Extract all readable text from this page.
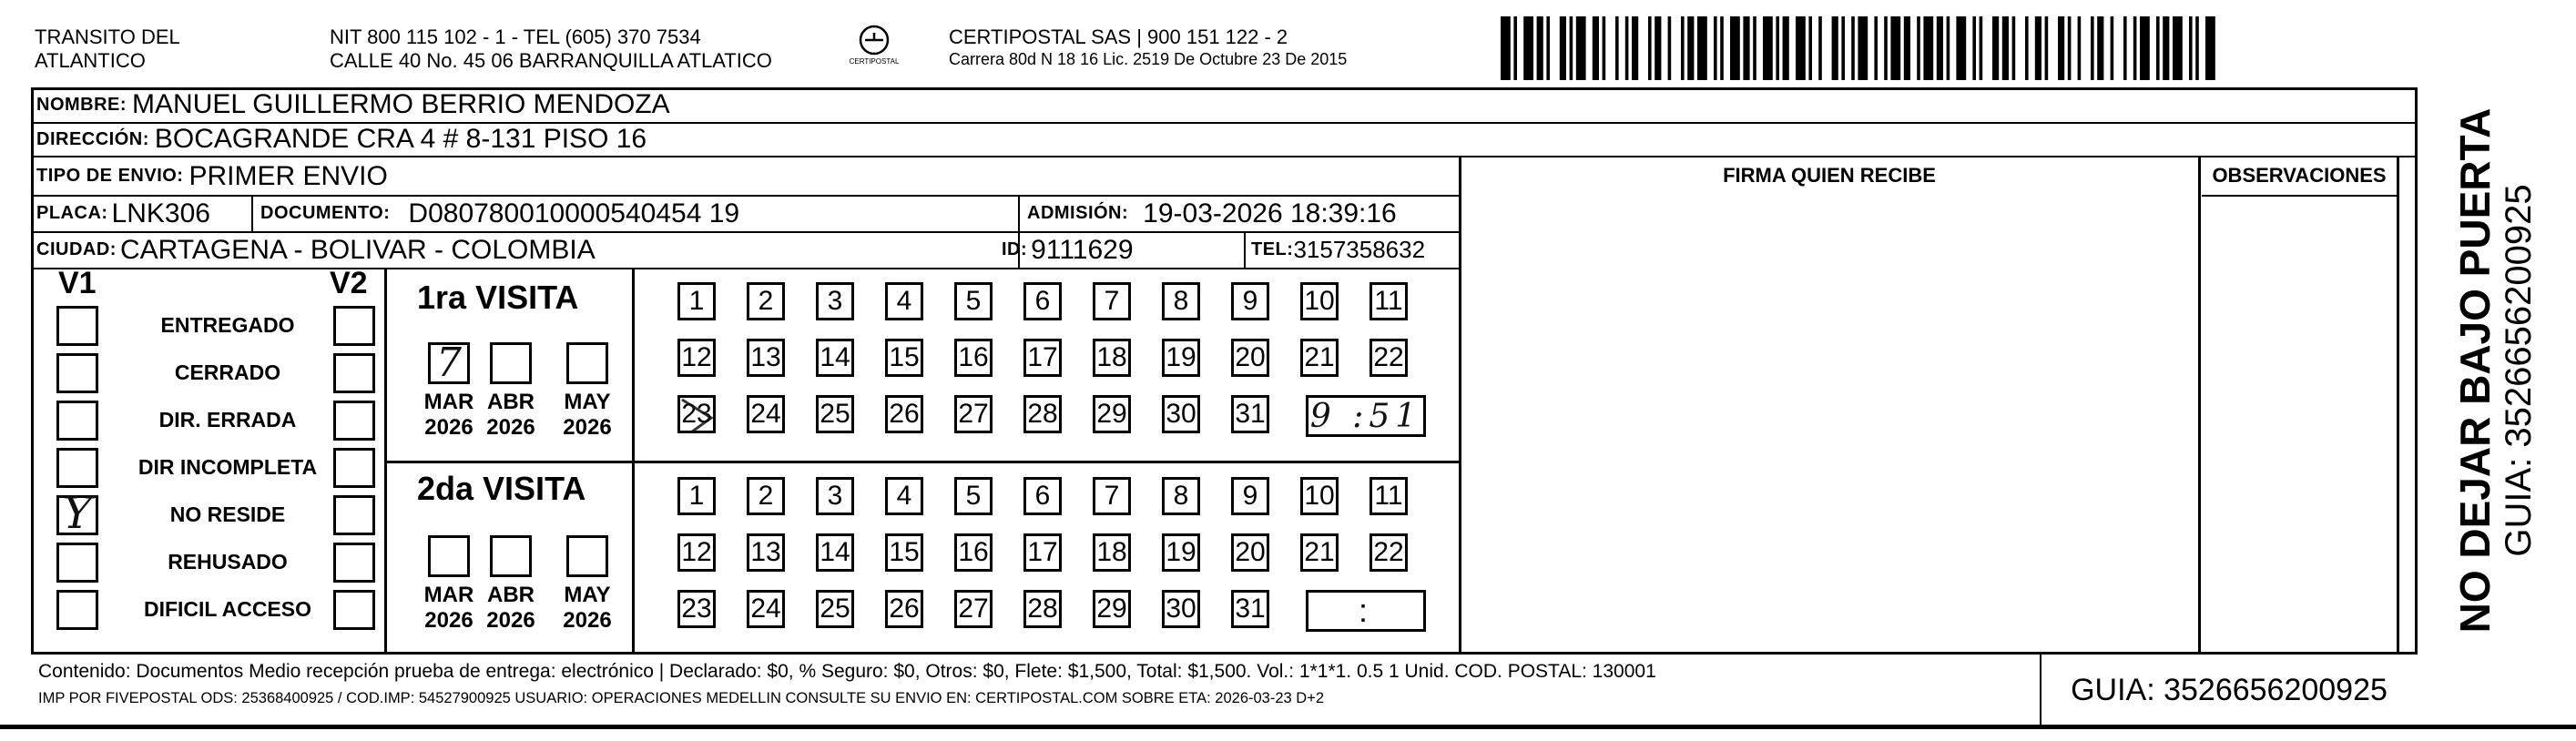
TRANSITO DEL
ATLANTICO
NIT 800 115 102 - 1 - TEL (605) 370 7534
CALLE 40 No. 45 06 BARRANQUILLA ATLATICO	CERTIPOSTAL
CERTIPOSTAL SAS | 900 151 122 - 2
Carrera 80d N 18 16 Lic. 2519 De Octubre 23 De 2015
NOMBRE: MANUEL GUILLERMO BERRIO MENDOZA
DIRECCIÓN: BOCAGRANDE CRA 4 # 8-131 PISO 16
TIPO DE ENVIO: PRIMER ENVIO
PLACA: LNK306	DOCUMENTO: D080780010000540454 19	ADMISIÓN: 19-03-2026 18:39:16
CIUDAD: CARTAGENA - BOLIVAR - COLOMBIA	ID: 9111629	TEL: 3157358632
FIRMA QUIEN RECIBE	OBSERVACIONES
V1	V2
ENTREGADO
CERRADO
DIR. ERRADA
DIR INCOMPLETA
NO RESIDE
Y
REHUSADO
DIFICIL ACCESO
1ra VISITA
7
MAR
2026
ABR
2026
MAY
2026
1 2 3 4 5 6 7 8 9 10 11
12 13 14 15 16 17 18 19 20 21 22
23 24 25 26 27 28 29 30 31 9 :51
2da VISITA
MAR
2026
ABR
2026
MAY
2026
1 2 3 4 5 6 7 8 9 10 11
12 13 14 15 16 17 18 19 20 21 22
23 24 25 26 27 28 29 30 31	:	NO DEJAR BAJO PUERTA GUIA: 3526656200925
Contenido: Documentos Medio recepción prueba de entrega: electrónico | Declarado: $0, % Seguro: $0, Otros: $0, Flete: $1,500, Total: $1,500. Vol.: 1*1*1. 0.5 1 Unid. COD. POSTAL: 130001
IMP POR FIVEPOSTAL ODS: 25368400925 / COD.IMP: 54527900925 USUARIO: OPERACIONES MEDELLIN CONSULTE SU ENVIO EN: CERTIPOSTAL.COM SOBRE ETA: 2026-03-23 D+2	GUIA: 3526656200925
